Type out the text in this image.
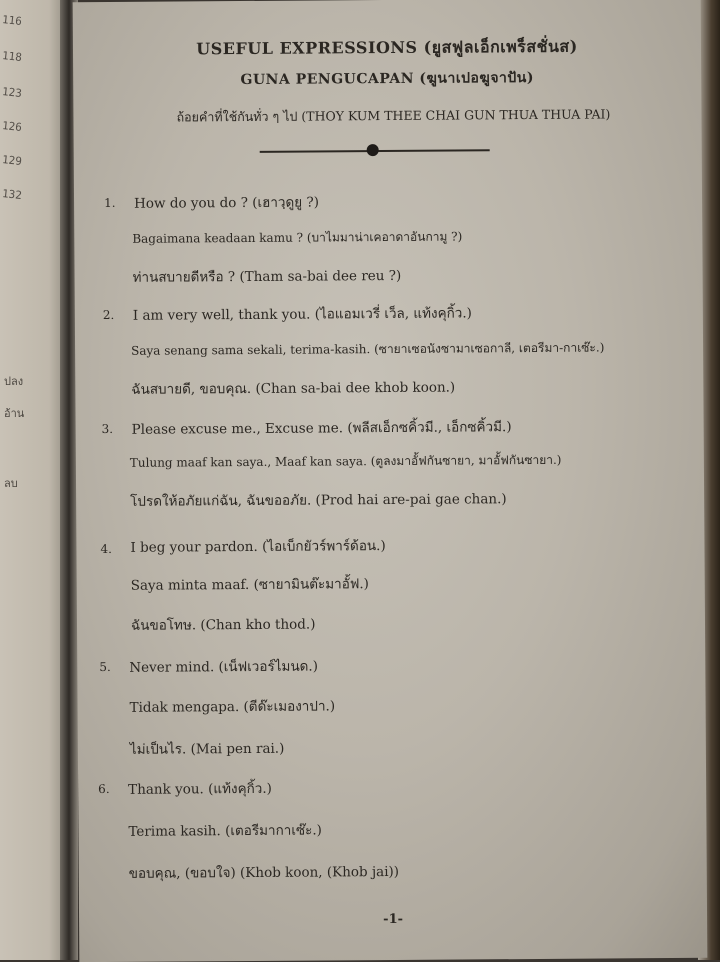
116
118
123
126
129
132
ปลง
อ้าน
ลบ
USEFUL EXPRESSIONS (ยูสฟูลเอ็กเพร็สชั่นส)
GUNA PENGUCAPAN (ฆูนาเปอฆูจาปัน)
ถ้อยคำที่ใช้กันทั่ว ๆ ไป (THOY KUM THEE CHAI GUN THUA THUA PAI)
1. How do you do ? (เฮาวฺดูยู ?)
Bagaimana keadaan kamu ? (บาไมมาน่าเคอาดาอันกามู ?)
ท่านสบายดีหรือ ? (Tham sa-bai dee reu ?)
2. I am very well, thank you. (ไอแอมเวรี่ เว็ล, แท้งคุกิ้ว.)
Saya senang sama sekali, terima-kasih. (ซายาเซอนังซามาเซอกาลี, เตอรีมา-กาเซ๊ะ.)
ฉันสบายดี, ขอบคุณ. (Chan sa-bai dee khob koon.)
3. Please excuse me., Excuse me. (พลีสเอ็กซคิ้วมี., เอ็กซคิ้วมี.)
Tulung maaf kan saya., Maaf kan saya. (ตูลงมาอั้ฟกันซายา, มาอั้ฟกันซายา.)
โปรดให้อภัยแก่ฉัน, ฉันขออภัย. (Prod hai are-pai gae chan.)
4. I beg your pardon. (ไอเบ็กยัวร์พาร์ด้อน.)
Saya minta maaf. (ซายามินต๊ะมาอั้ฟ.)
ฉันขอโทษ. (Chan kho thod.)
5. Never mind. (เน็ฟเวอร์ไมนด.)
Tidak mengapa. (ตีด๊ะเมองาปา.)
ไม่เป็นไร. (Mai pen rai.)
6. Thank you. (แท้งคุกิ้ว.)
Terima kasih. (เตอรีมากาเซ๊ะ.)
ขอบคุณ, (ขอบใจ) (Khob koon, (Khob jai))
-1-
